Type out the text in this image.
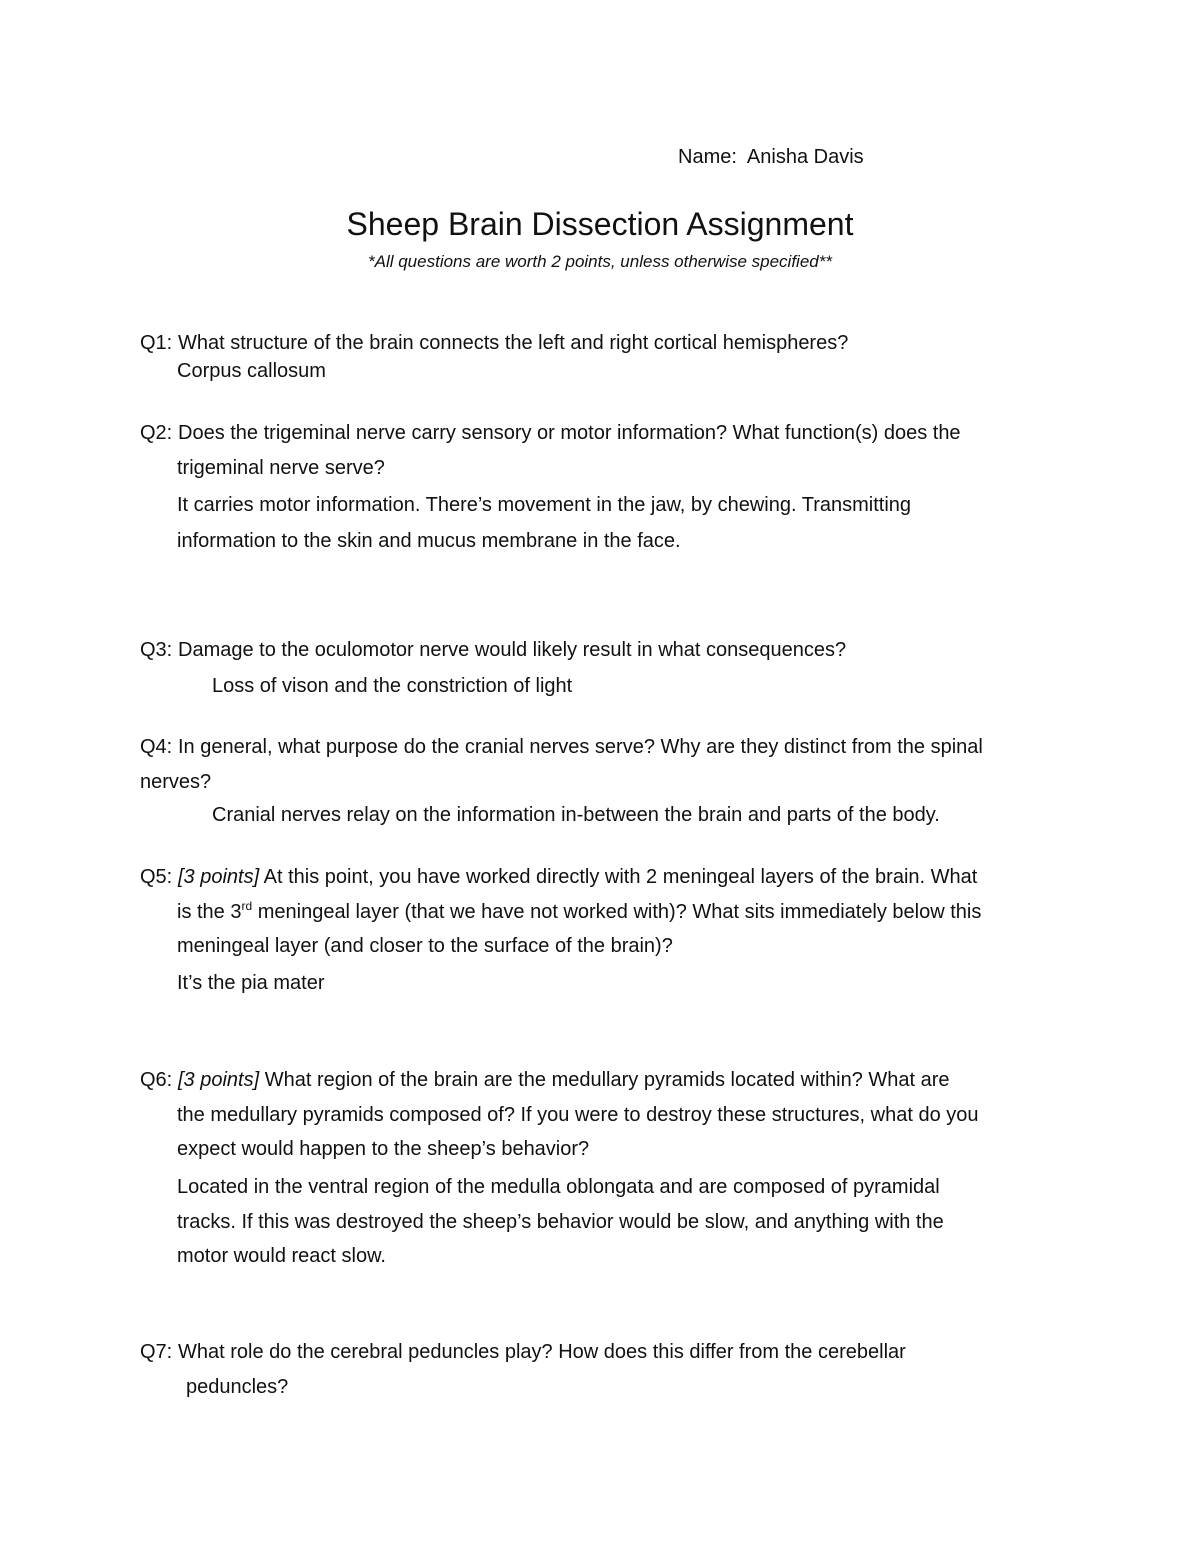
Name: Anisha Davis
Sheep Brain Dissection Assignment
*All questions are worth 2 points, unless otherwise specified**
Q1: What structure of the brain connects the left and right cortical hemispheres?
Corpus callosum
Q2: Does the trigeminal nerve carry sensory or motor information? What function(s) does the
trigeminal nerve serve?
It carries motor information. There’s movement in the jaw, by chewing. Transmitting
information to the skin and mucus membrane in the face.
Q3: Damage to the oculomotor nerve would likely result in what consequences?
Loss of vison and the constriction of light
Q4: In general, what purpose do the cranial nerves serve? Why are they distinct from the spinal
nerves?
Cranial nerves relay on the information in-between the brain and parts of the body.
Q5: [3 points] At this point, you have worked directly with 2 meningeal layers of the brain. What
is the 3rd meningeal layer (that we have not worked with)? What sits immediately below this
meningeal layer (and closer to the surface of the brain)?
It’s the pia mater
Q6: [3 points] What region of the brain are the medullary pyramids located within? What are
the medullary pyramids composed of? If you were to destroy these structures, what do you
expect would happen to the sheep’s behavior?
Located in the ventral region of the medulla oblongata and are composed of pyramidal
tracks. If this was destroyed the sheep’s behavior would be slow, and anything with the
motor would react slow.
Q7: What role do the cerebral peduncles play? How does this differ from the cerebellar
peduncles?
